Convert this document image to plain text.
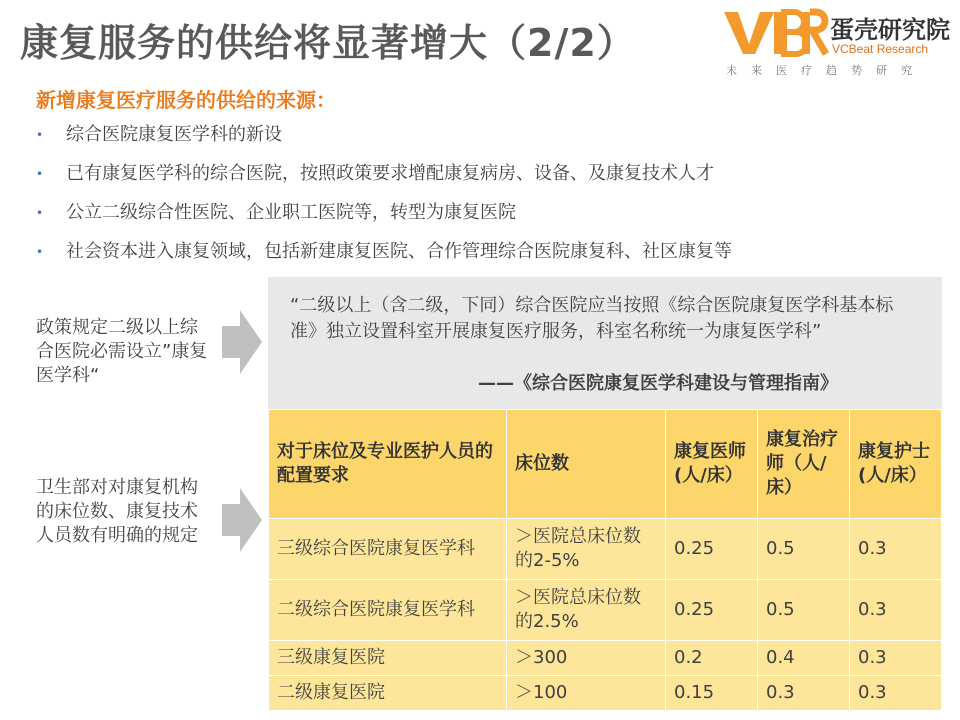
康复服务的供给将显著增大（2/2）	蛋壳研究院
VCBeat Research
未来医疗趋势研究
新增康复医疗服务的供给的来源：
• 综合医院康复医学科的新设
• 已有康复医学科的综合医院，按照政策要求增配康复病房、设备、及康复技术人才
• 公立二级综合性医院、企业职工医院等，转型为康复医院
• 社会资本进入康复领域，包括新建康复医院、合作管理综合医院康复科、社区康复等
政策规定二级以上综合医院必需设立”康复医学科“
卫生部对对康复机构的床位数、康复技术人员数有明确的规定
“二级以上（含二级，下同）综合医院应当按照《综合医院康复医学科基本标准》独立设置科室开展康复医疗服务，科室名称统一为康复医学科”
——《综合医院康复医学科建设与管理指南》
对于床位及专业医护人员的配置要求	床位数	康复医师(人/床）	康复治疗师（人/床）	康复护士(人/床）
三级综合医院康复医学科	＞医院总床位数的2-5%	0.25	0.5	0.3
二级综合医院康复医学科	＞医院总床位数的2.5%	0.25	0.5	0.3
三级康复医院	＞300	0.2	0.4	0.3
二级康复医院	＞100	0.15	0.3	0.3
